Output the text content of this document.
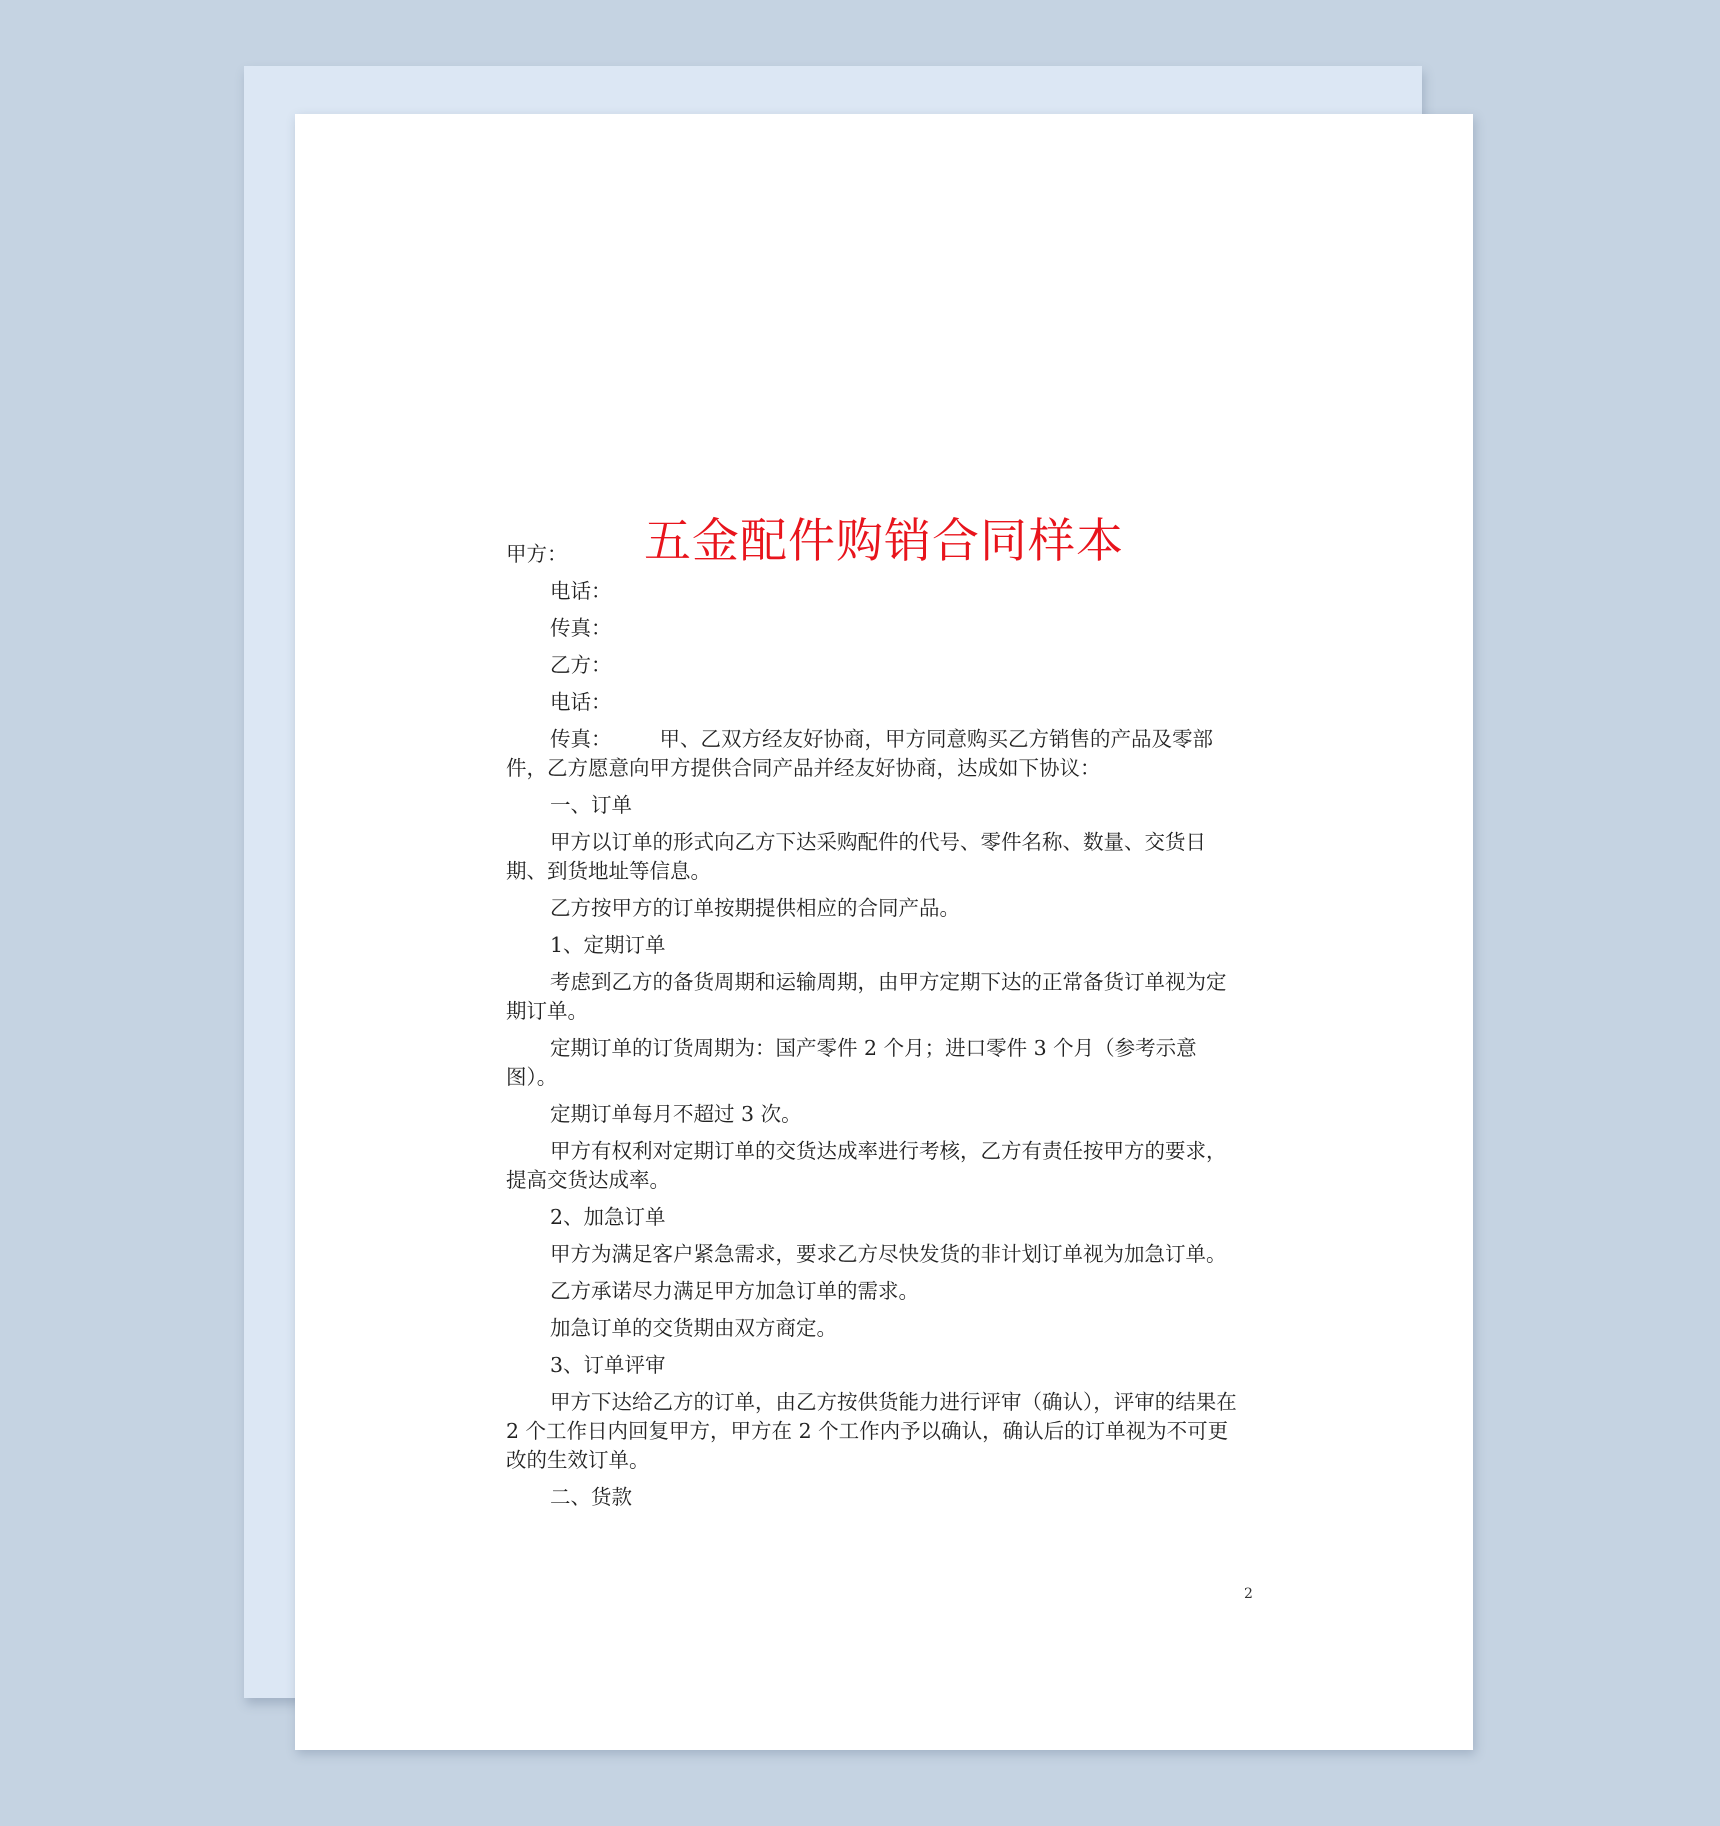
五金配件购销合同样本

甲方：

电话：

传真：

乙方：

电话：

传真： 甲、乙双方经友好协商，甲方同意购买乙方销售的产品及零部件，乙方愿意向甲方提供合同产品并经友好协商，达成如下协议：

一、订单

甲方以订单的形式向乙方下达采购配件的代号、零件名称、数量、交货日期、到货地址等信息。

乙方按甲方的订单按期提供相应的合同产品。

1、定期订单

考虑到乙方的备货周期和运输周期，由甲方定期下达的正常备货订单视为定期订单。

定期订单的订货周期为：国产零件 2 个月；进口零件 3 个月（参考示意图）。

定期订单每月不超过 3 次。

甲方有权利对定期订单的交货达成率进行考核，乙方有责任按甲方的要求，提高交货达成率。

2、加急订单

甲方为满足客户紧急需求，要求乙方尽快发货的非计划订单视为加急订单。

乙方承诺尽力满足甲方加急订单的需求。

加急订单的交货期由双方商定。

3、订单评审

甲方下达给乙方的订单，由乙方按供货能力进行评审（确认），评审的结果在 2 个工作日内回复甲方，甲方在 2 个工作内予以确认，确认后的订单视为不可更改的生效订单。

二、货款

2
